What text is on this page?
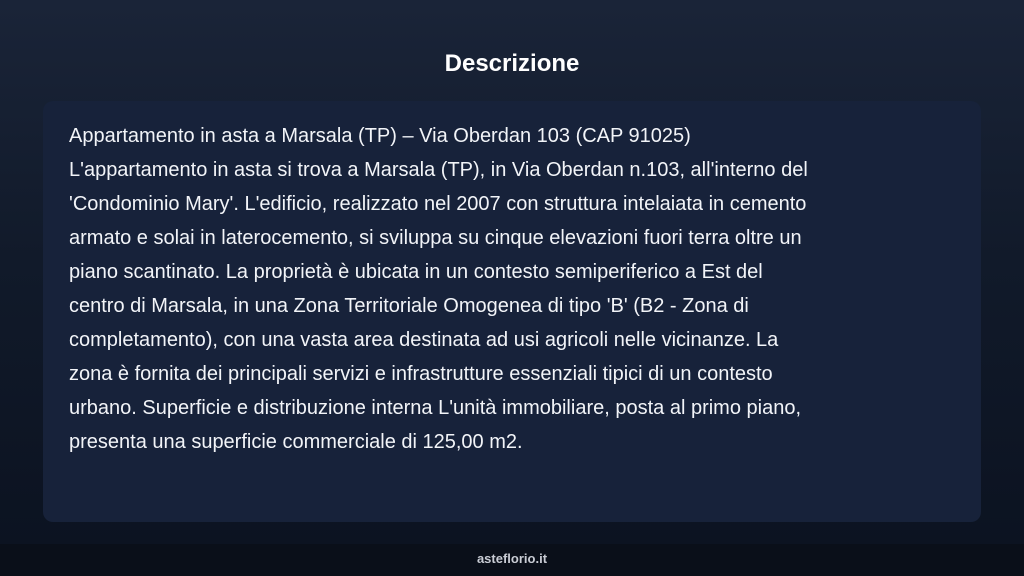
Descrizione

Appartamento in asta a Marsala (TP) – Via Oberdan 103 (CAP 91025)
L'appartamento in asta si trova a Marsala (TP), in Via Oberdan n.103, all'interno del
'Condominio Mary'. L'edificio, realizzato nel 2007 con struttura intelaiata in cemento
armato e solai in laterocemento, si sviluppa su cinque elevazioni fuori terra oltre un
piano scantinato. La proprietà è ubicata in un contesto semiperiferico a Est del
centro di Marsala, in una Zona Territoriale Omogenea di tipo 'B' (B2 - Zona di
completamento), con una vasta area destinata ad usi agricoli nelle vicinanze. La
zona è fornita dei principali servizi e infrastrutture essenziali tipici di un contesto
urbano. Superficie e distribuzione interna L'unità immobiliare, posta al primo piano,
presenta una superficie commerciale di 125,00 m2.

asteflorio.it
